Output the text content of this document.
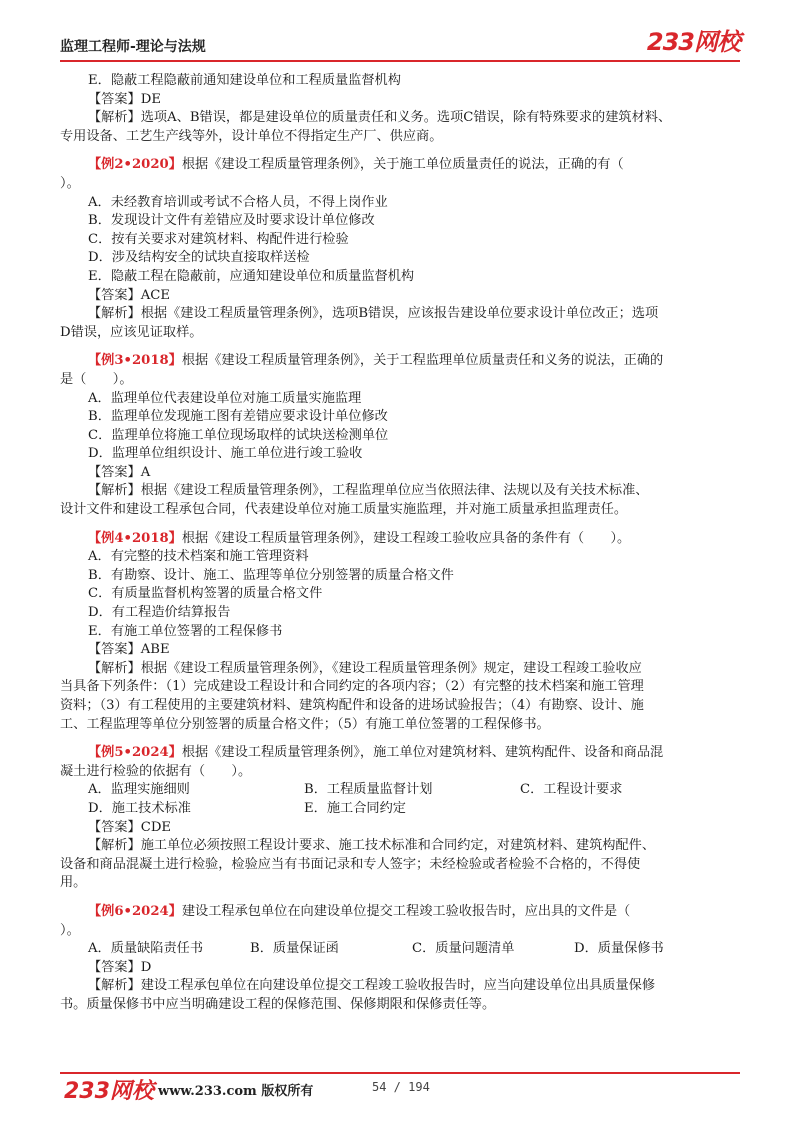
监理工程师-理论与法规	233网校
E．隐蔽工程隐蔽前通知建设单位和工程质量监督机构
【答案】DE
【解析】选项A、B错误，都是建设单位的质量责任和义务。选项C错误，除有特殊要求的建筑材料、
专用设备、工艺生产线等外，设计单位不得指定生产厂、供应商。
【例2•2020】根据《建设工程质量管理条例》，关于施工单位质量责任的说法，正确的有（
）。
A．未经教育培训或考试不合格人员，不得上岗作业
B．发现设计文件有差错应及时要求设计单位修改
C．按有关要求对建筑材料、构配件进行检验
D．涉及结构安全的试块直接取样送检
E．隐蔽工程在隐蔽前，应通知建设单位和质量监督机构
【答案】ACE
【解析】根据《建设工程质量管理条例》，选项B错误，应该报告建设单位要求设计单位改正；选项
D错误，应该见证取样。
【例3•2018】根据《建设工程质量管理条例》，关于工程监理单位质量责任和义务的说法，正确的
是（　　）。
A．监理单位代表建设单位对施工质量实施监理
B．监理单位发现施工图有差错应要求设计单位修改
C．监理单位将施工单位现场取样的试块送检测单位
D．监理单位组织设计、施工单位进行竣工验收
【答案】A
【解析】根据《建设工程质量管理条例》，工程监理单位应当依照法律、法规以及有关技术标准、
设计文件和建设工程承包合同，代表建设单位对施工质量实施监理，并对施工质量承担监理责任。
【例4•2018】根据《建设工程质量管理条例》，建设工程竣工验收应具备的条件有（　　）。
A．有完整的技术档案和施工管理资料
B．有勘察、设计、施工、监理等单位分别签署的质量合格文件
C．有质量监督机构签署的质量合格文件
D．有工程造价结算报告
E．有施工单位签署的工程保修书
【答案】ABE
【解析】根据《建设工程质量管理条例》，《建设工程质量管理条例》规定，建设工程竣工验收应
当具备下列条件：（1）完成建设工程设计和合同约定的各项内容；（2）有完整的技术档案和施工管理
资料；（3）有工程使用的主要建筑材料、建筑构配件和设备的进场试验报告；（4）有勘察、设计、施
工、工程监理等单位分别签署的质量合格文件；（5）有施工单位签署的工程保修书。
【例5•2024】根据《建设工程质量管理条例》，施工单位对建筑材料、建筑构配件、设备和商品混
凝土进行检验的依据有（　　）。
A．监理实施细则	B．工程质量监督计划	C．工程设计要求
D．施工技术标准	E．施工合同约定
【答案】CDE
【解析】施工单位必须按照工程设计要求、施工技术标准和合同约定，对建筑材料、建筑构配件、
设备和商品混凝土进行检验，检验应当有书面记录和专人签字；未经检验或者检验不合格的，不得使
用。
【例6•2024】建设工程承包单位在向建设单位提交工程竣工验收报告时，应出具的文件是（
）。
A．质量缺陷责任书	B．质量保证函	C．质量问题清单	D．质量保修书
【答案】D
【解析】建设工程承包单位在向建设单位提交工程竣工验收报告时，应当向建设单位出具质量保修
书。质量保修书中应当明确建设工程的保修范围、保修期限和保修责任等。
233网校 www.233.com 版权所有	54 / 194
